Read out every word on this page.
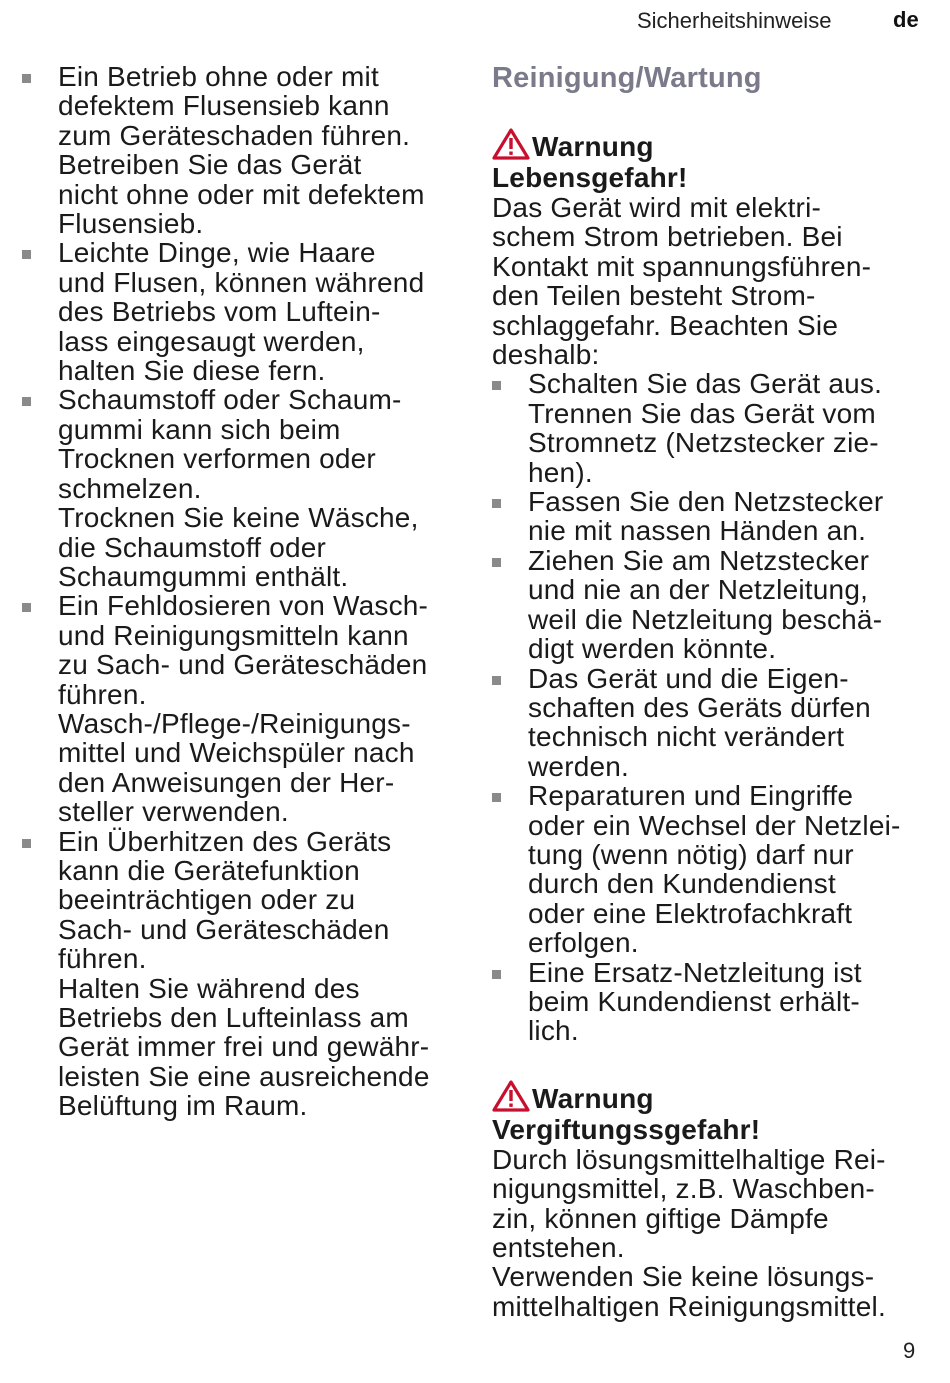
Sicherheitshinweise	de
Ein Betrieb ohne oder mit
defektem Flusensieb kann
zum Geräteschaden führen.
Betreiben Sie das Gerät
nicht ohne oder mit defektem
Flusensieb.
Leichte Dinge, wie Haare
und Flusen, können während
des Betriebs vom Luftein-
lass eingesaugt werden,
halten Sie diese fern.
Schaumstoff oder Schaum-
gummi kann sich beim
Trocknen verformen oder
schmelzen.
Trocknen Sie keine Wäsche,
die Schaumstoff oder
Schaumgummi enthält.
Ein Fehldosieren von Wasch-
und Reinigungsmitteln kann
zu Sach- und Geräteschäden
führen.
Wasch-/Pflege-/Reinigungs-
mittel und Weichspüler nach
den Anweisungen der Her-
steller verwenden.
Ein Überhitzen des Geräts
kann die Gerätefunktion
beeinträchtigen oder zu
Sach- und Geräteschäden
führen.
Halten Sie während des
Betriebs den Lufteinlass am
Gerät immer frei und gewähr-
leisten Sie eine ausreichende
Belüftung im Raum.
Reinigung/Wartung
Warnung
Lebensgefahr!

Das Gerät wird mit elektri-
schem Strom betrieben. Bei
Kontakt mit spannungsführen-
den Teilen besteht Strom-
schlaggefahr. Beachten Sie
deshalb:

Schalten Sie das Gerät aus.
Trennen Sie das Gerät vom
Stromnetz (Netzstecker zie-
hen).
Fassen Sie den Netzstecker
nie mit nassen Händen an.
Ziehen Sie am Netzstecker
und nie an der Netzleitung,
weil die Netzleitung beschä-
digt werden könnte.
Das Gerät und die Eigen-
schaften des Geräts dürfen
technisch nicht verändert
werden.
Reparaturen und Eingriffe
oder ein Wechsel der Netzlei-
tung (wenn nötig) darf nur
durch den Kundendienst
oder eine Elektrofachkraft
erfolgen.
Eine Ersatz-Netzleitung ist
beim Kundendienst erhält-
lich.
Warnung
Vergiftungssgefahr!

Durch lösungsmittelhaltige Rei-
nigungsmittel, z.B. Waschben-
zin, können giftige Dämpfe
entstehen.
Verwenden Sie keine lösungs-
mittelhaltigen Reinigungsmittel.

9
